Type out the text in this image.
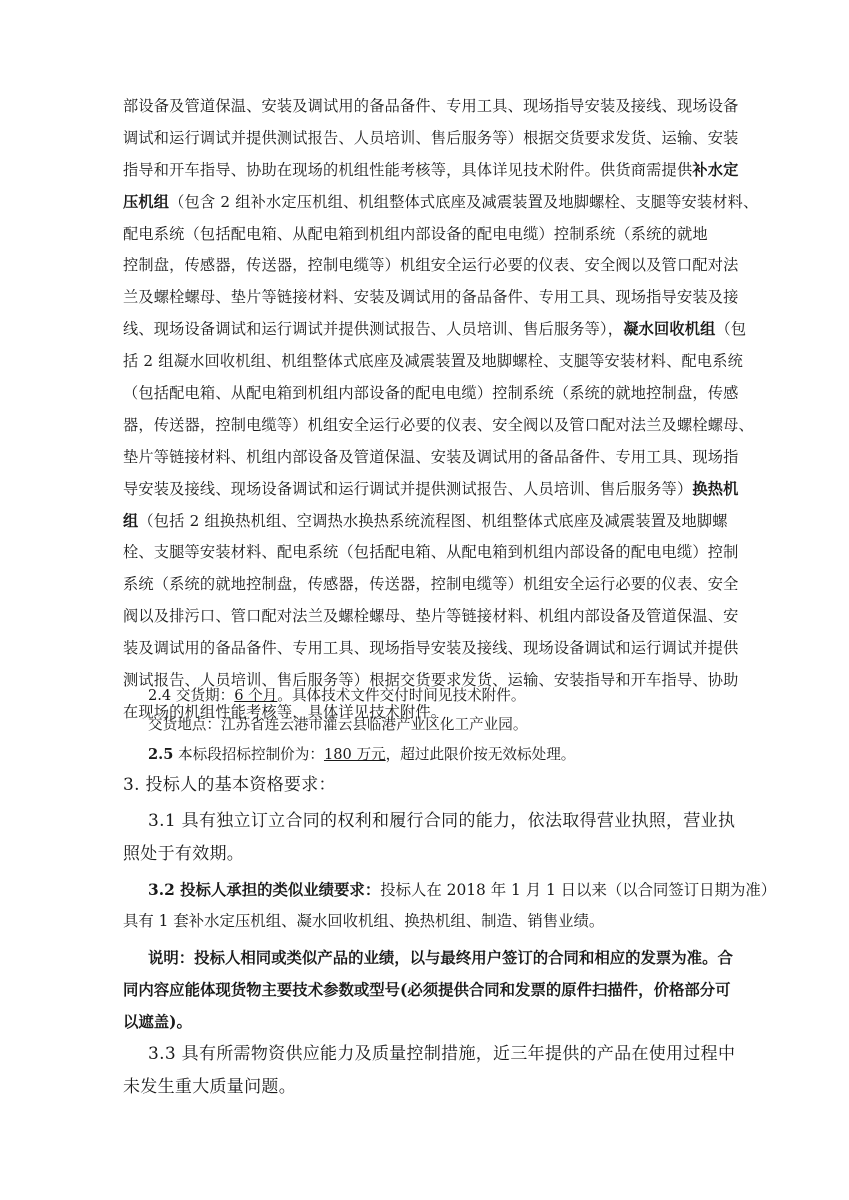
部设备及管道保温、安装及调试用的备品备件、专用工具、现场指导安装及接线、现场设备
调试和运行调试并提供测试报告、人员培训、售后服务等）根据交货要求发货、运输、安装
指导和开车指导、协助在现场的机组性能考核等，具体详见技术附件。供货商需提供补水定
压机组（包含 2 组补水定压机组、机组整体式底座及减震装置及地脚螺栓、支腿等安装材料、
配电系统（包括配电箱、从配电箱到机组内部设备的配电电缆）控制系统（系统的就地
控制盘，传感器，传送器，控制电缆等）机组安全运行必要的仪表、安全阀以及管口配对法
兰及螺栓螺母、垫片等链接材料、安装及调试用的备品备件、专用工具、现场指导安装及接
线、现场设备调试和运行调试并提供测试报告、人员培训、售后服务等），凝水回收机组（包
括 2 组凝水回收机组、机组整体式底座及减震装置及地脚螺栓、支腿等安装材料、配电系统
（包括配电箱、从配电箱到机组内部设备的配电电缆）控制系统（系统的就地控制盘，传感
器，传送器，控制电缆等）机组安全运行必要的仪表、安全阀以及管口配对法兰及螺栓螺母、
垫片等链接材料、机组内部设备及管道保温、安装及调试用的备品备件、专用工具、现场指
导安装及接线、现场设备调试和运行调试并提供测试报告、人员培训、售后服务等）换热机
组（包括 2 组换热机组、空调热水换热系统流程图、机组整体式底座及减震装置及地脚螺
栓、支腿等安装材料、配电系统（包括配电箱、从配电箱到机组内部设备的配电电缆）控制
系统（系统的就地控制盘，传感器，传送器，控制电缆等）机组安全运行必要的仪表、安全
阀以及排污口、管口配对法兰及螺栓螺母、垫片等链接材料、机组内部设备及管道保温、安
装及调试用的备品备件、专用工具、现场指导安装及接线、现场设备调试和运行调试并提供
测试报告、人员培训、售后服务等）根据交货要求发货、运输、安装指导和开车指导、协助
在现场的机组性能考核等，具体详见技术附件。
2.4 交货期：6 个月。具体技术文件交付时间见技术附件。
交货地点：江苏省连云港市灌云县临港产业区化工产业园。
2.5 本标段招标控制价为：180 万元，超过此限价按无效标处理。
3. 投标人的基本资格要求：
3.1 具有独立订立合同的权利和履行合同的能力，依法取得营业执照，营业执
照处于有效期。
3.2 投标人承担的类似业绩要求：投标人在 2018 年 1 月 1 日以来（以合同签订日期为准）
具有 1 套补水定压机组、凝水回收机组、换热机组、制造、销售业绩。
说明：投标人相同或类似产品的业绩，以与最终用户签订的合同和相应的发票为准。合
同内容应能体现货物主要技术参数或型号(必须提供合同和发票的原件扫描件，价格部分可
以遮盖)。
3.3 具有所需物资供应能力及质量控制措施，近三年提供的产品在使用过程中
未发生重大质量问题。
